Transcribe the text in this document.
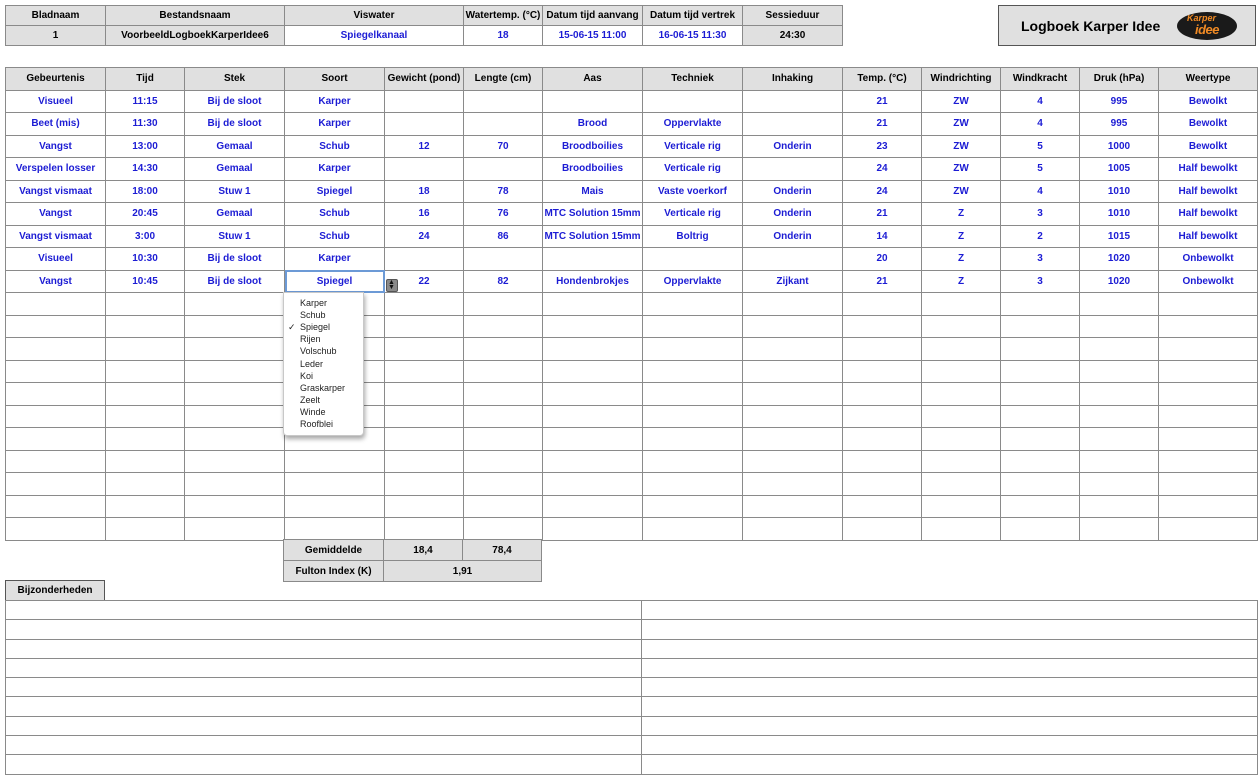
Bladnaam	Bestandsnaam	Viswater	Watertemp. (°C)	Datum tijd aanvang	Datum tijd vertrek	Sessieduur
1	VoorbeeldLogboekKarperIdee6	Spiegelkanaal	18	15-06-15 11:00	16-06-15 11:30	24:30
Logboek Karper Idee	Karper
idee
Gebeurtenis	Tijd	Stek	Soort	Gewicht (pond)	Lengte (cm)	Aas	Techniek	Inhaking	Temp. (°C)	Windrichting	Windkracht	Druk (hPa)	Weertype
Visueel	11:15	Bij de sloot	Karper						21	ZW	4	995	Bewolkt
Beet (mis)	11:30	Bij de sloot	Karper			Brood	Oppervlakte		21	ZW	4	995	Bewolkt
Vangst	13:00	Gemaal	Schub	12	70	Broodboilies	Verticale rig	Onderin	23	ZW	5	1000	Bewolkt
Verspelen losser	14:30	Gemaal	Karper			Broodboilies	Verticale rig		24	ZW	5	1005	Half bewolkt
Vangst vismaat	18:00	Stuw 1	Spiegel	18	78	Mais	Vaste voerkorf	Onderin	24	ZW	4	1010	Half bewolkt
Vangst	20:45	Gemaal	Schub	16	76	MTC Solution 15mm	Verticale rig	Onderin	21	Z	3	1010	Half bewolkt
Vangst vismaat	3:00	Stuw 1	Schub	24	86	MTC Solution 15mm	Boltrig	Onderin	14	Z	2	1015	Half bewolkt
Visueel	10:30	Bij de sloot	Karper						20	Z	3	1020	Onbewolkt
Vangst	10:45	Bij de sloot	Spiegel	22	82	Hondenbrokjes	Oppervlakte	Zijkant	21	Z	3	1020	Onbewolkt

▲
▼
Karper
Schub
Spiegel
✓
Rijen
Volschub
Leder
Koi
Graskarper
Zeelt
Winde
Roofblei
Gemiddelde	18,4	78,4
Fulton Index (K)	1,91	
Bijzonderheden
